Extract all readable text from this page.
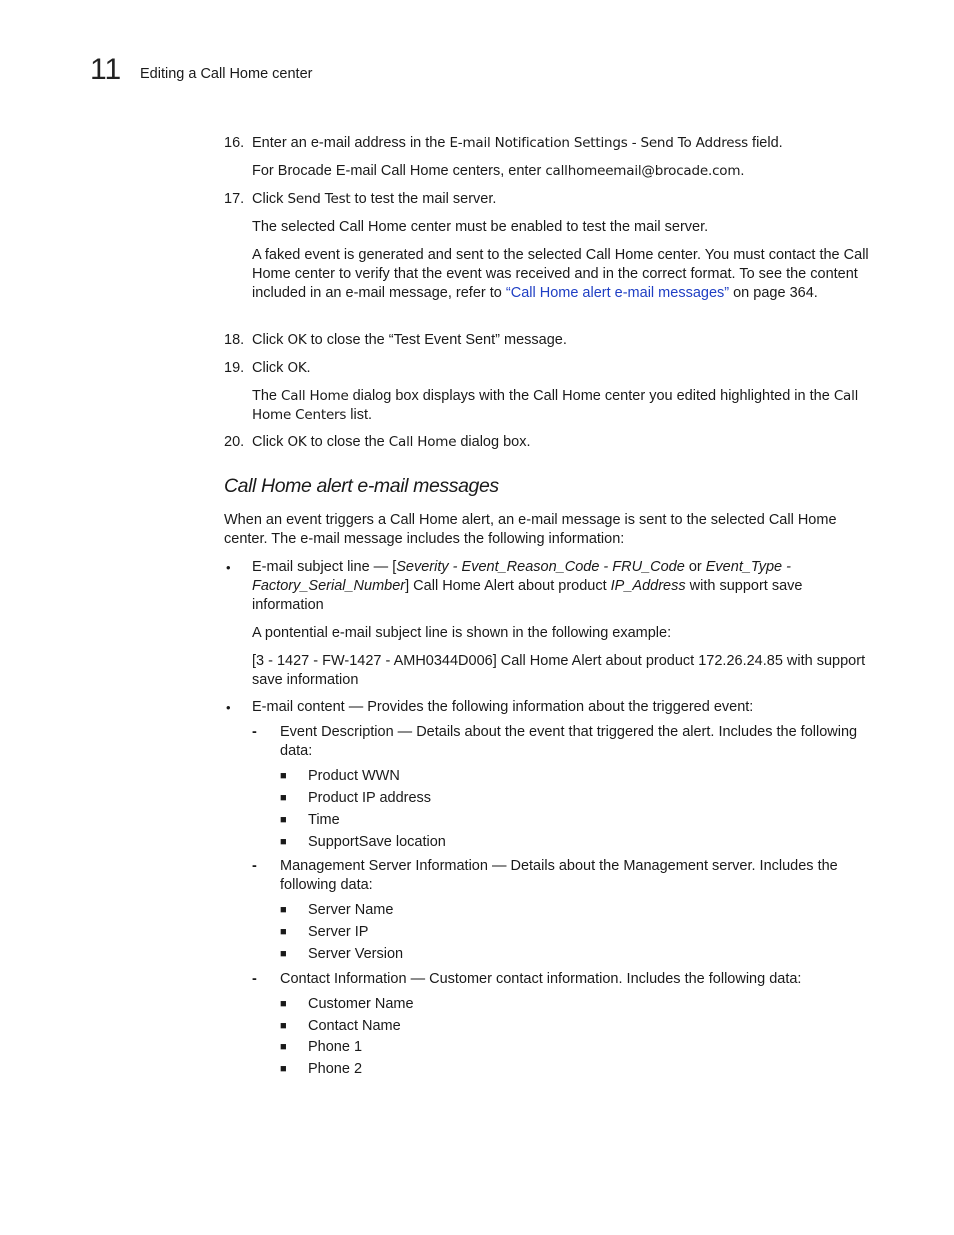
11 Editing a Call Home center
16. Enter an e-mail address in the E-mail Notification Settings - Send To Address field.
For Brocade E-mail Call Home centers, enter callhomeemail@brocade.com.
17. Click Send Test to test the mail server.
The selected Call Home center must be enabled to test the mail server.
A faked event is generated and sent to the selected Call Home center. You must contact the Call Home center to verify that the event was received and in the correct format. To see the content included in an e-mail message, refer to “Call Home alert e-mail messages” on page 364.
18. Click OK to close the “Test Event Sent” message.
19. Click OK.
The Call Home dialog box displays with the Call Home center you edited highlighted in the Call Home Centers list.
20. Click OK to close the Call Home dialog box.
Call Home alert e-mail messages
When an event triggers a Call Home alert, an e-mail message is sent to the selected Call Home center. The e-mail message includes the following information:
• E-mail subject line — [Severity - Event_Reason_Code - FRU_Code or Event_Type - Factory_Serial_Number] Call Home Alert about product IP_Address with support save information
A pontential e-mail subject line is shown in the following example:
[3 - 1427 - FW-1427 - AMH0344D006] Call Home Alert about product 172.26.24.85 with support save information
• E-mail content — Provides the following information about the triggered event:
- Event Description — Details about the event that triggered the alert. Includes the following data:
■ Product WWN
■ Product IP address
■ Time
■ SupportSave location
- Management Server Information — Details about the Management server. Includes the following data:
■ Server Name
■ Server IP
■ Server Version
- Contact Information — Customer contact information. Includes the following data:
■ Customer Name
■ Contact Name
■ Phone 1
■ Phone 2
